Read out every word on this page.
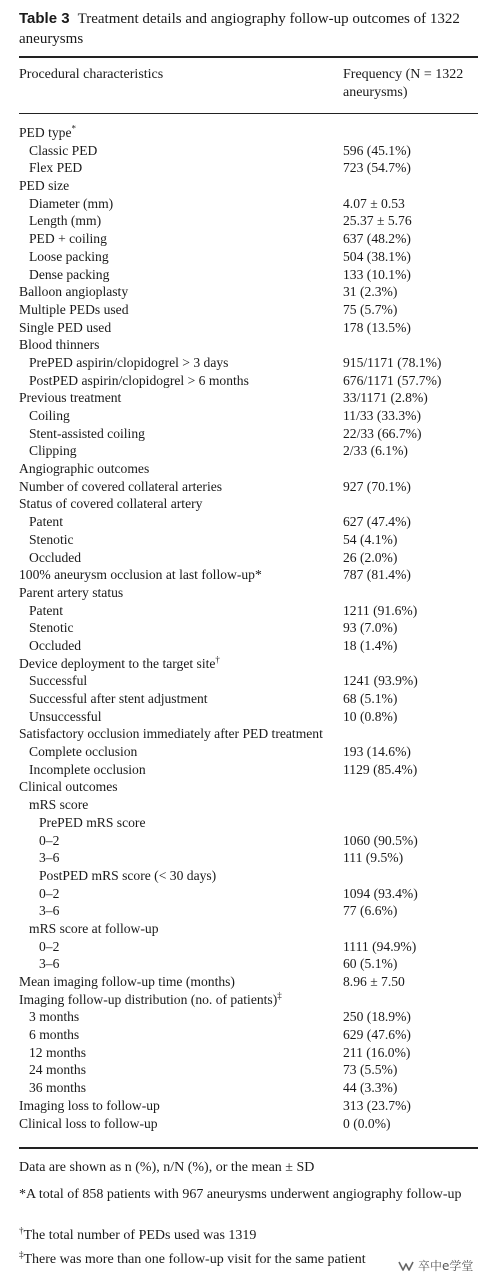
Table 3 Treatment details and angiography follow-up outcomes of 1322 aneurysms
Procedural characteristics	Frequency (N = 1322
aneurysms)
PED type*
Classic PED	596 (45.1%)
Flex PED	723 (54.7%)
PED size
Diameter (mm)	4.07 ± 0.53
Length (mm)	25.37 ± 5.76
PED + coiling	637 (48.2%)
Loose packing	504 (38.1%)
Dense packing	133 (10.1%)
Balloon angioplasty	31 (2.3%)
Multiple PEDs used	75 (5.7%)
Single PED used	178 (13.5%)
Blood thinners
PrePED aspirin/clopidogrel > 3 days	915/1171 (78.1%)
PostPED aspirin/clopidogrel > 6 months	676/1171 (57.7%)
Previous treatment	33/1171 (2.8%)
Coiling	11/33 (33.3%)
Stent-assisted coiling	22/33 (66.7%)
Clipping	2/33 (6.1%)
Angiographic outcomes
Number of covered collateral arteries	927 (70.1%)
Status of covered collateral artery
Patent	627 (47.4%)
Stenotic	54 (4.1%)
Occluded	26 (2.0%)
100% aneurysm occlusion at last follow-up*	787 (81.4%)
Parent artery status
Patent	1211 (91.6%)
Stenotic	93 (7.0%)
Occluded	18 (1.4%)
Device deployment to the target site†
Successful	1241 (93.9%)
Successful after stent adjustment	68 (5.1%)
Unsuccessful	10 (0.8%)
Satisfactory occlusion immediately after PED treatment
Complete occlusion	193 (14.6%)
Incomplete occlusion	1129 (85.4%)
Clinical outcomes
mRS score
PrePED mRS score
0–2	1060 (90.5%)
3–6	111 (9.5%)
PostPED mRS score (< 30 days)
0–2	1094 (93.4%)
3–6	77 (6.6%)
mRS score at follow-up
0–2	1111 (94.9%)
3–6	60 (5.1%)
Mean imaging follow-up time (months)	8.96 ± 7.50
Imaging follow-up distribution (no. of patients)‡
3 months	250 (18.9%)
6 months	629 (47.6%)
12 months	211 (16.0%)
24 months	73 (5.5%)
36 months	44 (3.3%)
Imaging loss to follow-up	313 (23.7%)
Clinical loss to follow-up	0 (0.0%)
Data are shown as n (%), n/N (%), or the mean ± SD
*A total of 858 patients with 967 aneurysms underwent angiography follow-up
†The total number of PEDs used was 1319
‡There was more than one follow-up visit for the same patient	卒中e学堂
